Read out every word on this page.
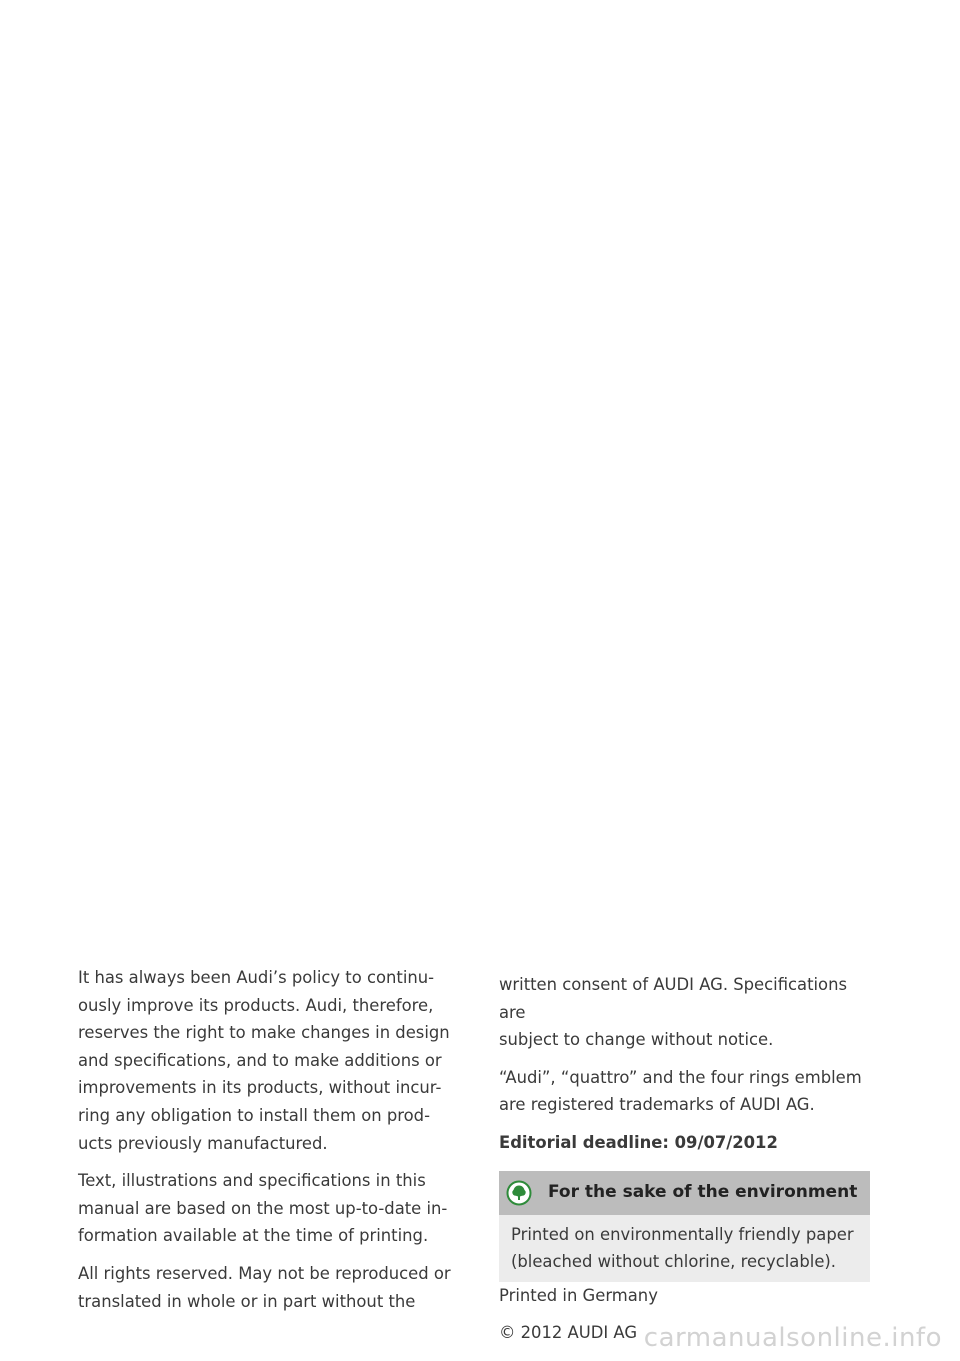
It has always been Audi’s policy to continu-
ously improve its products. Audi, therefore,
reserves the right to make changes in design
and specifications, and to make additions or
improvements in its products, without incur-
ring any obligation to install them on prod-
ucts previously manufactured.

Text, illustrations and specifications in this
manual are based on the most up-to-date in-
formation available at the time of printing.

All rights reserved. May not be reproduced or
translated in whole or in part without the

written consent of AUDI AG. Specifications are
subject to change without notice.

“Audi”, “quattro” and the four rings emblem
are registered trademarks of AUDI AG.

Editorial deadline: 09/07/2012

For the sake of the environment
Printed on environmentally friendly paper
(bleached without chlorine, recyclable).

Printed in Germany

© 2012 AUDI AG carmanualsonline.info
